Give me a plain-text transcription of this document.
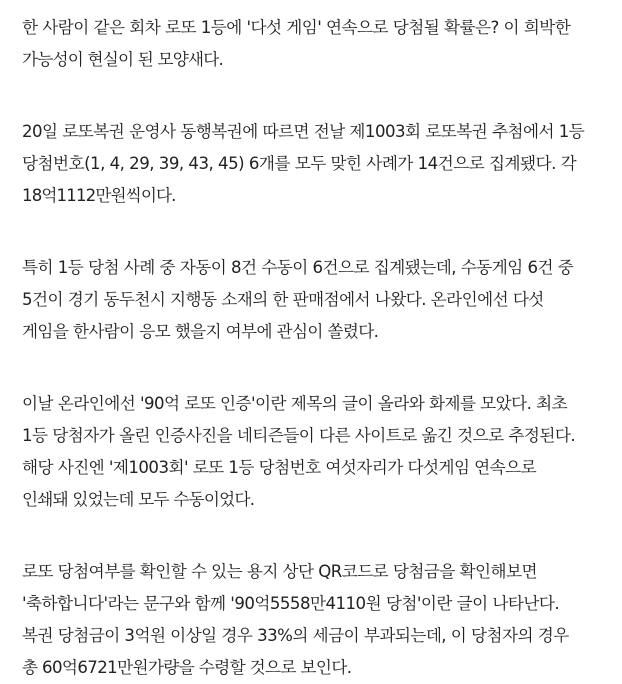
한 사람이 같은 회차 로또 1등에 '다섯 게임' 연속으로 당첨될 확률은? 이 희박한
가능성이 현실이 된 모양새다.

20일 로또복권 운영사 동행복권에 따르면 전날 제1003회 로또복권 추첨에서 1등
당첨번호(1, 4, 29, 39, 43, 45) 6개를 모두 맞힌 사례가 14건으로 집계됐다. 각
18억1112만원씩이다.

특히 1등 당첨 사례 중 자동이 8건 수동이 6건으로 집계됐는데, 수동게임 6건 중
5건이 경기 동두천시 지행동 소재의 한 판매점에서 나왔다. 온라인에선 다섯
게임을 한사람이 응모 했을지 여부에 관심이 쏠렸다.

이날 온라인에선 '90억 로또 인증'이란 제목의 글이 올라와 화제를 모았다. 최초
1등 당첨자가 올린 인증사진을 네티즌들이 다른 사이트로 옮긴 것으로 추정된다.
해당 사진엔 '제1003회' 로또 1등 당첨번호 여섯자리가 다섯게임 연속으로
인쇄돼 있었는데 모두 수동이었다.

로또 당첨여부를 확인할 수 있는 용지 상단 QR코드로 당첨금을 확인해보면
'축하합니다'라는 문구와 함께 '90억5558만4110원 당첨'이란 글이 나타난다.
복권 당첨금이 3억원 이상일 경우 33%의 세금이 부과되는데, 이 당첨자의 경우
총 60억6721만원가량을 수령할 것으로 보인다.
